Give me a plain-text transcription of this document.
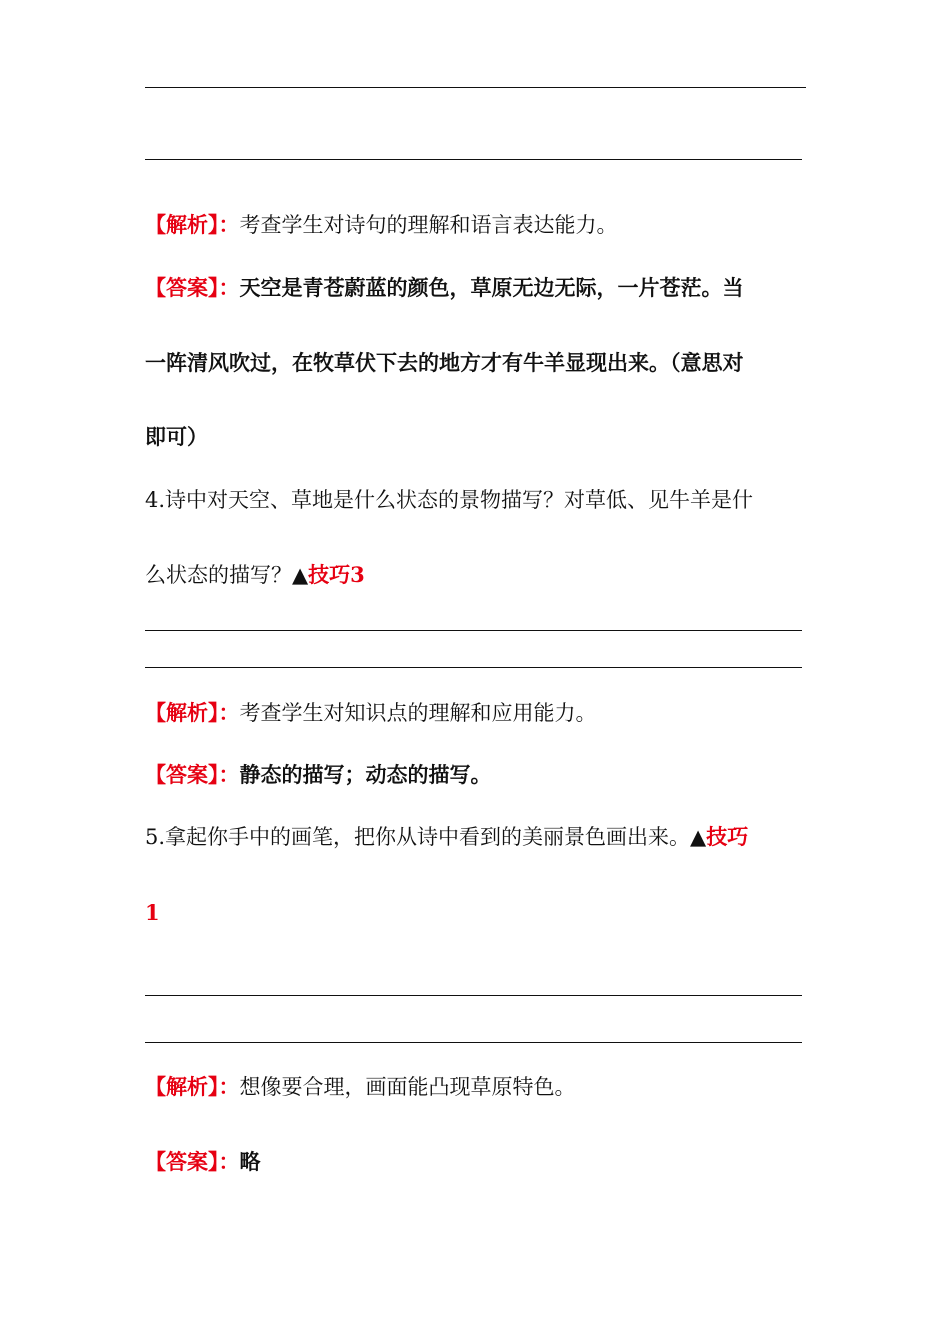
【解析】：考查学生对诗句的理解和语言表达能力。
【答案】：天空是青苍蔚蓝的颜色，草原无边无际，一片苍茫。当
一阵清风吹过，在牧草伏下去的地方才有牛羊显现出来。（意思对
即可）
4.诗中对天空、草地是什么状态的景物描写？对草低、见牛羊是什
么状态的描写？▲技巧3
【解析】：考查学生对知识点的理解和应用能力。
【答案】：静态的描写；动态的描写。
5.拿起你手中的画笔，把你从诗中看到的美丽景色画出来。▲技巧
1
【解析】：想像要合理，画面能凸现草原特色。
【答案】：略
